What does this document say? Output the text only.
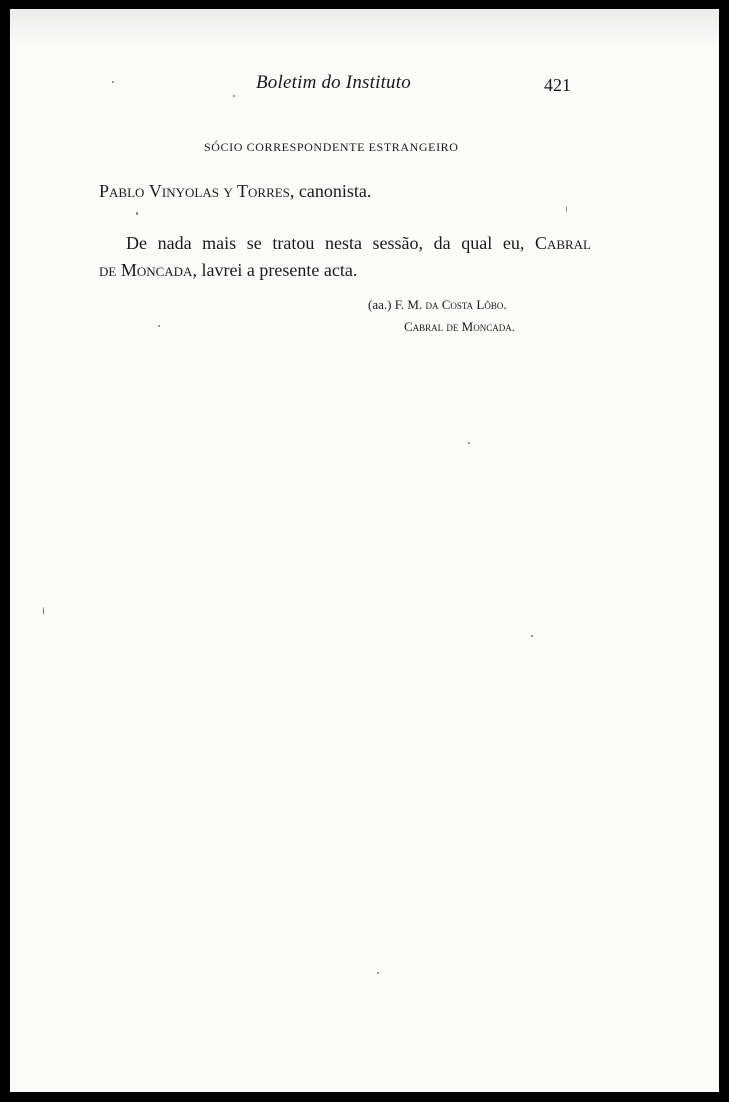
Boletim do Instituto	421
SÓCIO CORRESPONDENTE ESTRANGEIRO
Pablo Vinyolas y Torres, canonista.
De nada mais se tratou nesta sessão, da qual eu, Cabral
de Moncada, lavrei a presente acta.
(aa.) F. M. da Costa Lôbo.
Cabral de Moncada.
